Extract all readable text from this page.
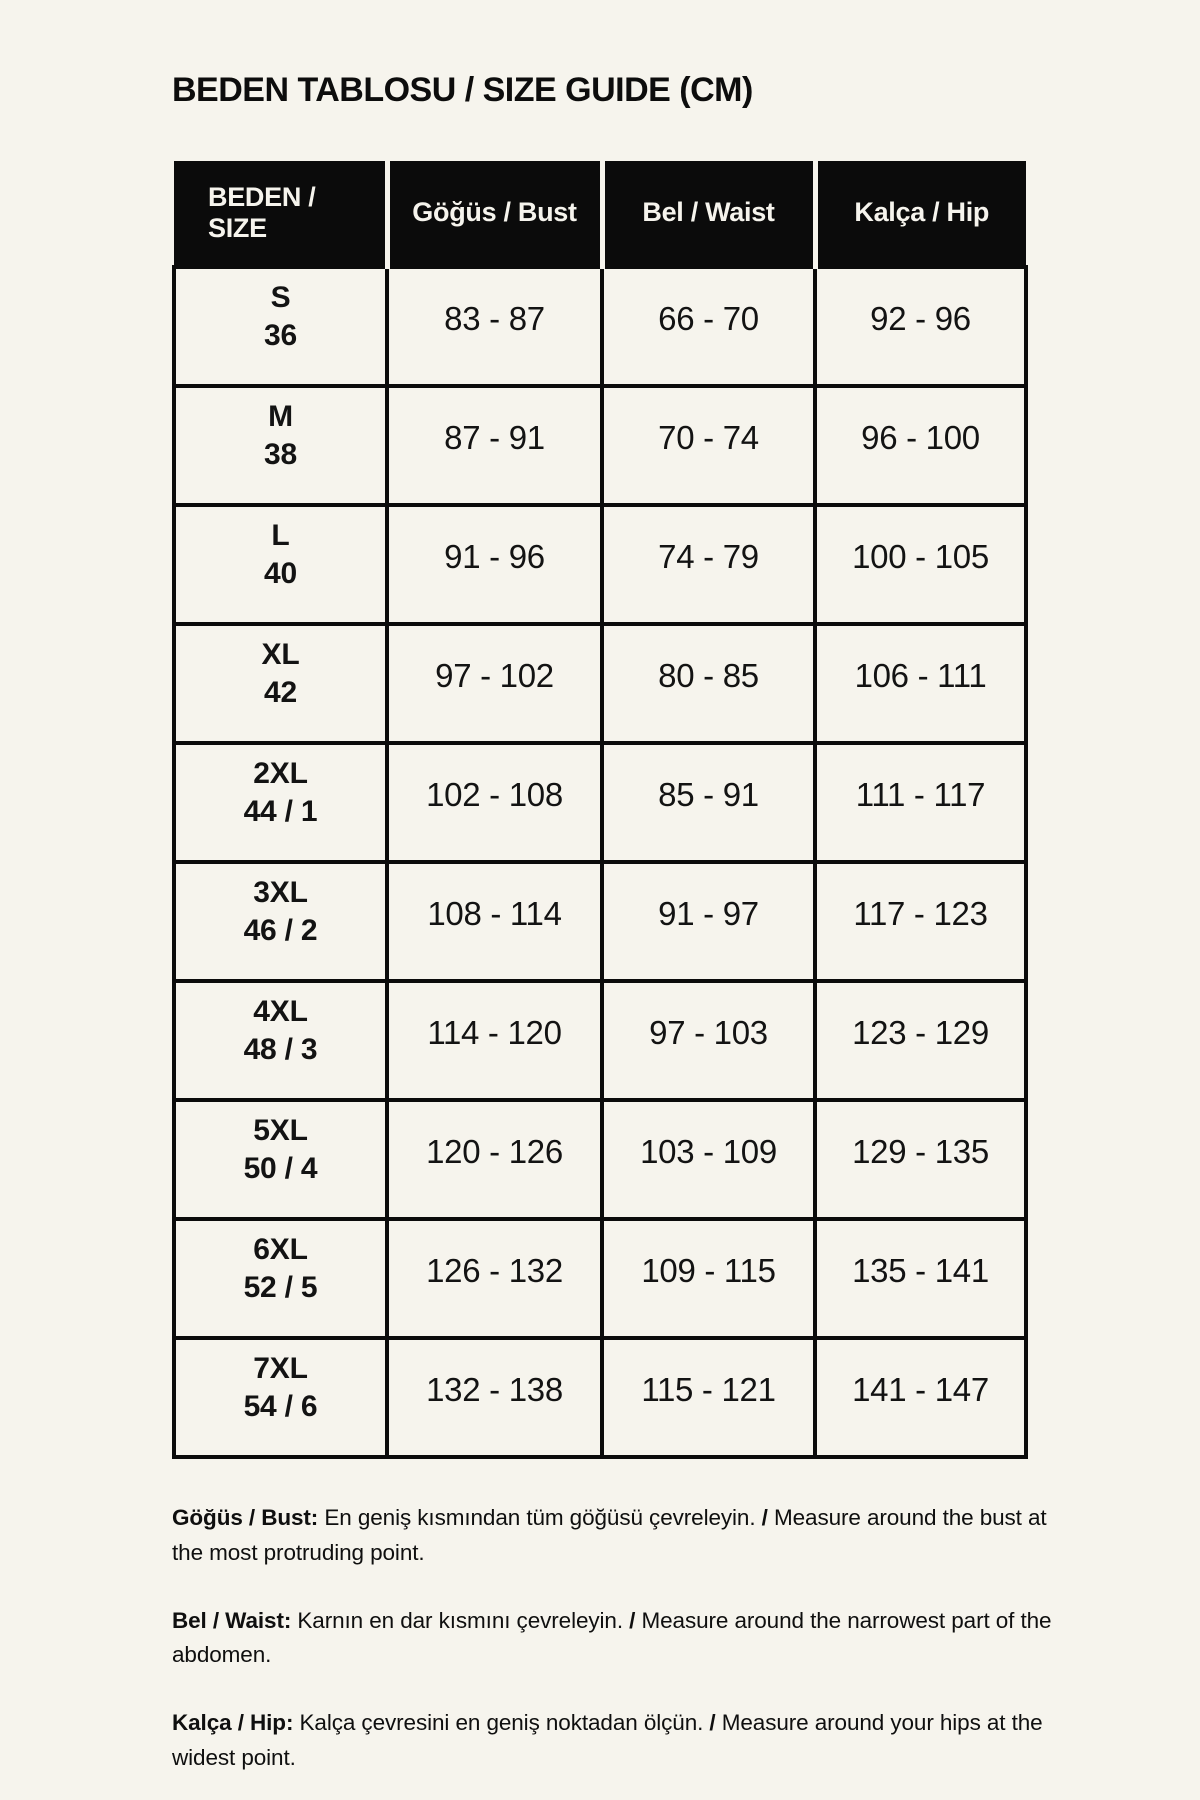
BEDEN TABLOSU / SIZE GUIDE (CM)
BEDEN / SIZE	Göğüs / Bust	Bel / Waist	Kalça / Hip

S
36	83 - 87	66 - 70	92 - 96

M
38	87 - 91	70 - 74	96 - 100

L
40	91 - 96	74 - 79	100 - 105

XL
42	97 - 102	80 - 85	106 - 111

2XL
44 / 1	102 - 108	85 - 91	111 - 117

3XL
46 / 2	108 - 114	91 - 97	117 - 123

4XL
48 / 3	114 - 120	97 - 103	123 - 129

5XL
50 / 4	120 - 126	103 - 109	129 - 135

6XL
52 / 5	126 - 132	109 - 115	135 - 141

7XL
54 / 6	132 - 138	115 - 121	141 - 147

Göğüs / Bust: En geniş kısmından tüm göğüsü çevreleyin. / Measure around the bust at the most protruding point.

Bel / Waist: Karnın en dar kısmını çevreleyin. / Measure around the narrowest part of the abdomen.

Kalça / Hip: Kalça çevresini en geniş noktadan ölçün. / Measure around your hips at the widest point.
